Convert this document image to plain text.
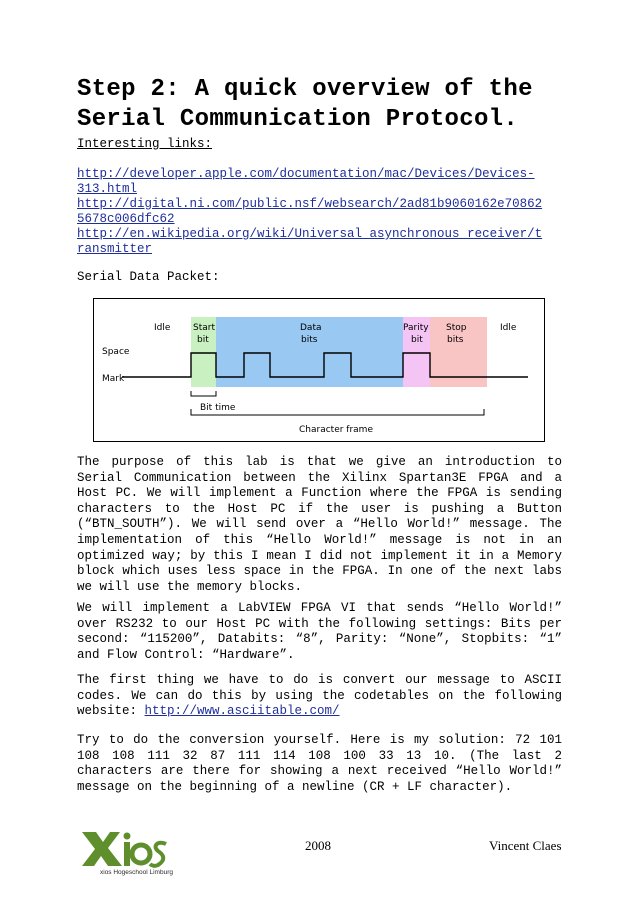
Step 2: A quick overview of the
Serial Communication Protocol.
Interesting links:
http://developer.apple.com/documentation/mac/Devices/Devices-
313.html
http://digital.ni.com/public.nsf/websearch/2ad81b9060162e70862
5678c006dfc62
http://en.wikipedia.org/wiki/Universal_asynchronous_receiver/t
ransmitter
Serial Data Packet:
Idle	Start
bit
Data
bits
Parity
bit
Stop
bits
Idle
Space
Mark
Bit time
Character frame

The purpose of this lab is that we give an introduction to Serial Communication between the Xilinx Spartan3E FPGA and a Host PC. We will implement a Function where the FPGA is sending characters to the Host PC if the user is pushing a Button (“BTN_SOUTH”). We will send over a “Hello World!” message. The implementation of this “Hello World!” message is not in an optimized way; by this I mean I did not implement it in a Memory block which uses less space in the FPGA. In one of the next labs we will use the memory blocks.

We will implement a LabVIEW FPGA VI that sends “Hello World!” over RS232 to our Host PC with the following settings: Bits per second: “115200”, Databits: “8”, Parity: “None”, Stopbits: “1” and Flow Control: “Hardware”.

The first thing we have to do is convert our message to ASCII codes. We can do this by using the codetables on the following website: http://www.asciitable.com/

Try to do the conversion yourself. Here is my solution: 72 101 108 108 111 32 87 111 114 108 100 33 13 10. (The last 2 characters are there for showing a next received “Hello World!” message on the beginning of a newline (CR + LF character).

xios Hogeschool Limburg
2008	Vincent Claes
